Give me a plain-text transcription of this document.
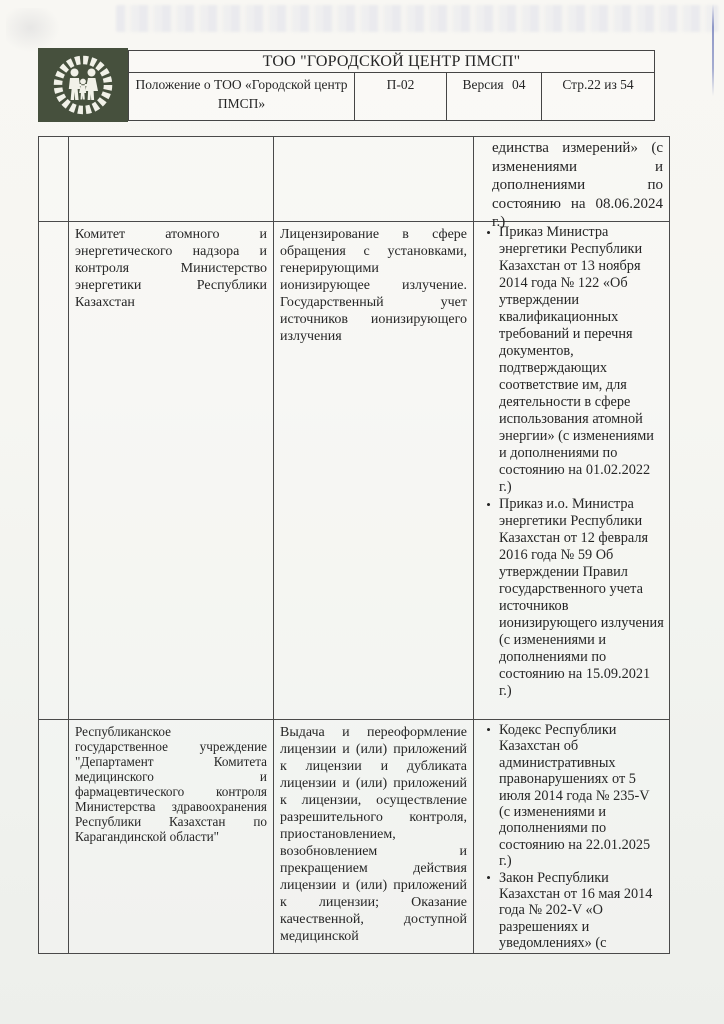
ТОО "ГОРОДСКОЙ ЦЕНТР ПМСП"
Положение о ТОО «Городской центр ПМСП»
П-02	Версия 04	Стр.22 из 54
единства измерений» (с изменениями и дополнениями по состоянию на 08.06.2024 г.)
Комитет атомного и энергетического надзора и контроля Министерство энергетики Республики Казахстан
Лицензирование в сфере обращения с установками, генерирующими ионизирующее излучение. Государственный учет источников ионизирующего излучения
• Приказ Министра энергетики Республики Казахстан от 13 ноября 2014 года № 122 «Об утверждении квалификационных требований и перечня документов, подтверждающих соответствие им, для деятельности в сфере использования атомной энергии» (с изменениями и дополнениями по состоянию на 01.02.2022 г.)
• Приказ и.о. Министра энергетики Республики Казахстан от 12 февраля 2016 года № 59 Об утверждении Правил государственного учета источников ионизирующего излучения (с изменениями и дополнениями по состоянию на 15.09.2021 г.)
Республиканское государственное учреждение "Департамент Комитета медицинского и фармацевтического контроля Министерства здравоохранения Республики Казахстан по Карагандинской области"
Выдача и переоформление лицензии и (или) приложений к лицензии и дубликата лицензии и (или) приложений к лицензии, осуществление разрешительного контроля, приостановлением, возобновлением и прекращением действия лицензии и (или) приложений к лицензии; Оказание качественной, доступной медицинской
• Кодекс Республики Казахстан об административных правонарушениях от 5 июля 2014 года № 235-V (с изменениями и дополнениями по состоянию на 22.01.2025 г.)
• Закон Республики Казахстан от 16 мая 2014 года № 202-V «О разрешениях и уведомлениях» (с
